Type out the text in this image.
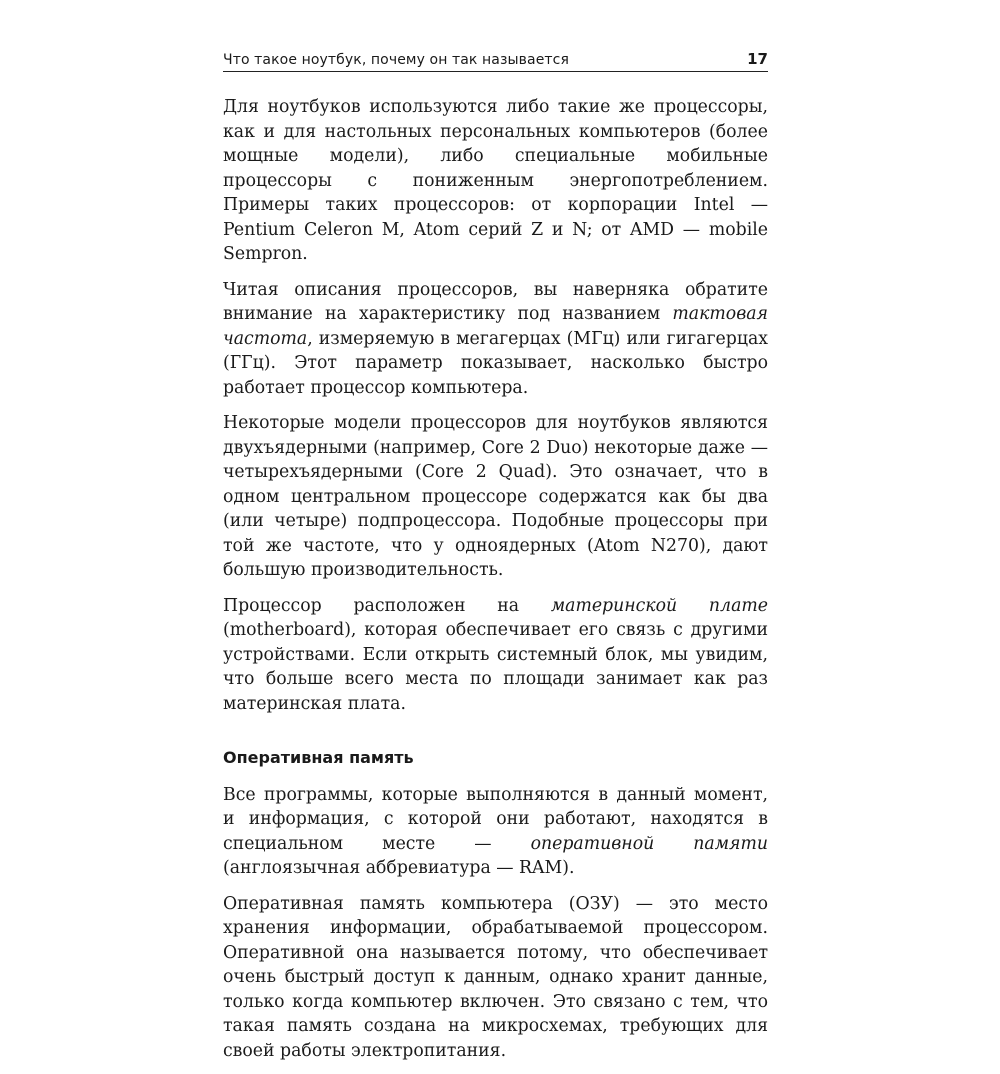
Что такое ноутбук, почему он так называется	17

Для ноутбуков используются либо такие же процессоры, как и для настольных персональных компьютеров (более мощные модели), либо специальные мобильные процессоры с пониженным энергопотреблением. Примеры таких процессоров: от корпорации Intel — Pentium Celeron M, Atom серий Z и N; от AMD — mobile Sempron.

Читая описания процессоров, вы наверняка обратите внимание на характеристику под названием тактовая частота, измеряемую в мегагерцах (МГц) или гигагерцах (ГГц). Этот параметр показывает, насколько быстро работает процессор компьютера.

Некоторые модели процессоров для ноутбуков являются двухъядерными (например, Core 2 Duo) некоторые даже — четырехъядерными (Core 2 Quad). Это означает, что в одном центральном процессоре содержатся как бы два (или четыре) подпроцессора. Подобные процессоры при той же частоте, что у одноядерных (Atom N270), дают большую производительность.

Процессор расположен на материнской плате (motherboard), которая обеспечивает его связь с другими устройствами. Если открыть системный блок, мы увидим, что больше всего места по площади занимает как раз материнская плата.

Оперативная память

Все программы, которые выполняются в данный момент, и информация, с которой они работают, находятся в специальном месте — оперативной памяти (англоязычная аббревиатура — RAM).

Оперативная память компьютера (ОЗУ) — это место хранения информации, обрабатываемой процессором. Оперативной она называется потому, что обеспечивает очень быстрый доступ к данным, однако хранит данные, только когда компьютер включен. Это связано с тем, что такая память создана на микросхемах, требующих для своей работы электропитания.
